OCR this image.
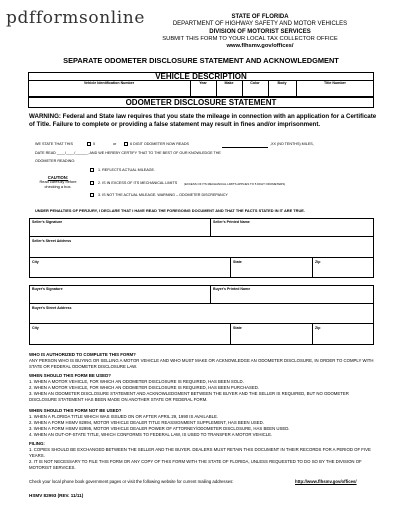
pdfformsonline	STATE OF FLORIDA
DEPARTMENT OF HIGHWAY SAFETY AND MOTOR VEHICLES
DIVISION OF MOTORIST SERVICES
SUBMIT THIS FORM TO YOUR LOCAL TAX COLLECTOR OFFICE
www.flhsmv.gov/offices/
SEPARATE ODOMETER DISCLOSURE STATEMENT AND ACKNOWLEDGMENT
VEHICLE DESCRIPTION
Vehicle Identification Number	Year	Make	Color	Body	Title Number
ODOMETER DISCLOSURE STATEMENT
WARNING: Federal and State law requires that you state the mileage in connection with an application for a Certificate of Title. Failure to complete or providing a false statement may result in fines and/or imprisonment.
WE STATE THAT THIS	5	or	6 DIGIT ODOMETER NOW READS	,XX (NO TENTHS) MILES,
DATE READ ____/____/______, AND WE HEREBY CERTIFY THAT TO THE BEST OF OUR KNOWLEDGE THE
ODOMETER READING:
CAUTION:
Read carefully before checking a box.
1. REFLECTS ACTUAL MILEAGE.
2. IS IN EXCESS OF ITS MECHANICAL LIMITS (EXCESS OF ITS MECHANICAL LIMITS APPLIES TO 5 DIGIT ODOMETERS)
3. IS NOT THE ACTUAL MILEAGE. WARNING – ODOMETER DISCREPANCY
UNDER PENALTIES OF PERJURY, I DECLARE THAT I HAVE READ THE FOREGOING DOCUMENT AND THAT THE FACTS STATED IN IT ARE TRUE.
Seller's Signature	Seller's Printed Name
Seller's Street Address
City	State	Zip
Buyer's Signature	Buyer's Printed Name
Buyer's Street Address
City	State	Zip
WHO IS AUTHORIZED TO COMPLETE THIS FORM?
ANY PERSON WHO IS BUYING OR SELLING A MOTOR VEHICLE AND WHO MUST MAKE OR ACKNOWLEDGE AN ODOMETER DISCLOSURE, IN ORDER TO COMPLY WITH STATE OR FEDERAL ODOMETER DISCLOSURE LAW.
WHEN SHOULD THIS FORM BE USED?
1. WHEN A MOTOR VEHICLE, FOR WHICH AN ODOMETER DISCLOSURE IS REQUIRED, HAS BEEN SOLD.
2. WHEN A MOTOR VEHICLE, FOR WHICH AN ODOMETER DISCLOSURE IS REQUIRED, HAS BEEN PURCHASED.
3. WHEN AN ODOMETER DISCLOSURE STATEMENT AND ACKNOWLEDGMENT BETWEEN THE BUYER AND THE SELLER IS REQUIRED, BUT NO ODOMETER DISCLOSURE STATEMENT HAS BEEN MADE ON ANOTHER STATE OR FEDERAL FORM.
WHEN SHOULD THIS FORM NOT BE USED?
1. WHEN A FLORIDA TITLE WHICH WAS ISSUED ON OR AFTER APRIL 29, 1990 IS AVAILABLE.
2. WHEN A FORM HSMV 82994, MOTOR VEHICLE DEALER TITLE REASSIGNMENT SUPPLEMENT, HAS BEEN USED.
3. WHEN A FORM HSMV 82995, MOTOR VEHICLE DEALER POWER OF ATTORNEY/ODOMETER DISCLOSURE, HAS BEEN USED.
4. WHEN AN OUT-OF-STATE TITLE, WHICH CONFORMS TO FEDERAL LAW, IS USED TO TRANSFER A MOTOR VEHICLE.
FILING:
1. COPIES SHOULD BE EXCHANGED BETWEEN THE SELLER AND THE BUYER. DEALERS MUST RETAIN THIS DOCUMENT IN THEIR RECORDS FOR A PERIOD OF FIVE YEARS.
2. IT IS NOT NECESSARY TO FILE THIS FORM OR ANY COPY OF THIS FORM WITH THE STATE OF FLORIDA, UNLESS REQUESTED TO DO SO BY THE DIVISION OF MOTORIST SERVICES.
Check your local phone book government pages or visit the following website for current mailing addresses:	http://www.flhsmv.gov/offices/
HSMV 82993 (REV. 11/11)
